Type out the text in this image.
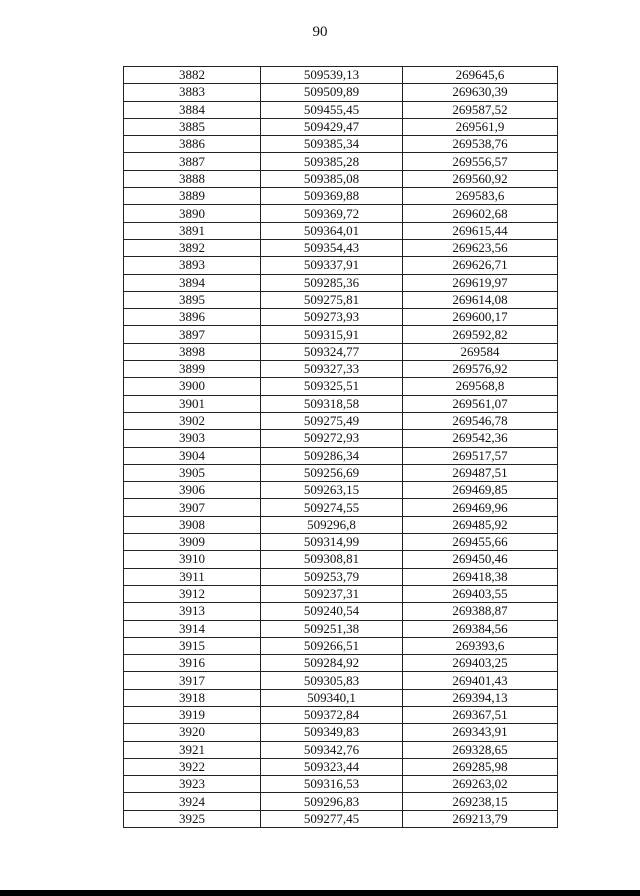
90
3882	509539,13	269645,6
3883	509509,89	269630,39
3884	509455,45	269587,52
3885	509429,47	269561,9
3886	509385,34	269538,76
3887	509385,28	269556,57
3888	509385,08	269560,92
3889	509369,88	269583,6
3890	509369,72	269602,68
3891	509364,01	269615,44
3892	509354,43	269623,56
3893	509337,91	269626,71
3894	509285,36	269619,97
3895	509275,81	269614,08
3896	509273,93	269600,17
3897	509315,91	269592,82
3898	509324,77	269584
3899	509327,33	269576,92
3900	509325,51	269568,8
3901	509318,58	269561,07
3902	509275,49	269546,78
3903	509272,93	269542,36
3904	509286,34	269517,57
3905	509256,69	269487,51
3906	509263,15	269469,85
3907	509274,55	269469,96
3908	509296,8	269485,92
3909	509314,99	269455,66
3910	509308,81	269450,46
3911	509253,79	269418,38
3912	509237,31	269403,55
3913	509240,54	269388,87
3914	509251,38	269384,56
3915	509266,51	269393,6
3916	509284,92	269403,25
3917	509305,83	269401,43
3918	509340,1	269394,13
3919	509372,84	269367,51
3920	509349,83	269343,91
3921	509342,76	269328,65
3922	509323,44	269285,98
3923	509316,53	269263,02
3924	509296,83	269238,15
3925	509277,45	269213,79
